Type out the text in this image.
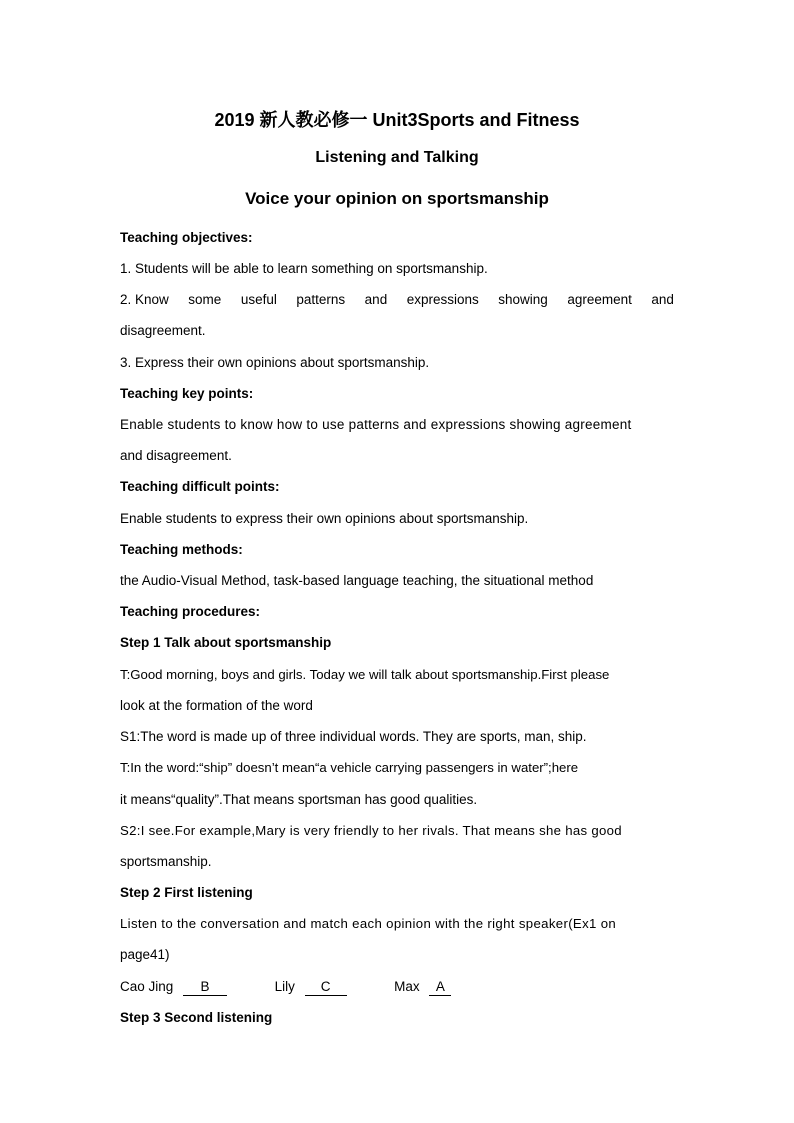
2019 新人教必修一 Unit3Sports and Fitness
Listening and Talking
Voice your opinion on sportsmanship
Teaching objectives:
1. Students will be able to learn something on sportsmanship.
2. Know some useful patterns and expressions showing agreement and
disagreement.
3. Express their own opinions about sportsmanship.
Teaching key points:
Enable students to know how to use patterns and expressions showing agreement
and disagreement.
Teaching difficult points:
Enable students to express their own opinions about sportsmanship.
Teaching methods:
the Audio-Visual Method, task-based language teaching, the situational method
Teaching procedures:
Step 1 Talk about sportsmanship
T:Good morning, boys and girls. Today we will talk about sportsmanship.First please
look at the formation of the word
S1:The word is made up of three individual words. They are sports, man, ship.
T:In the word:“ship” doesn’t mean“a vehicle carrying passengers in water”;here
it means“quality”.That means sportsman has good qualities.
S2:I see.For example,Mary is very friendly to her rivals. That means she has good
sportsmanship.
Step 2 First listening
Listen to the conversation and match each opinion with the right speaker(Ex1 on
page41)
Cao Jing B	Lily C	Max A
Step 3 Second listening
